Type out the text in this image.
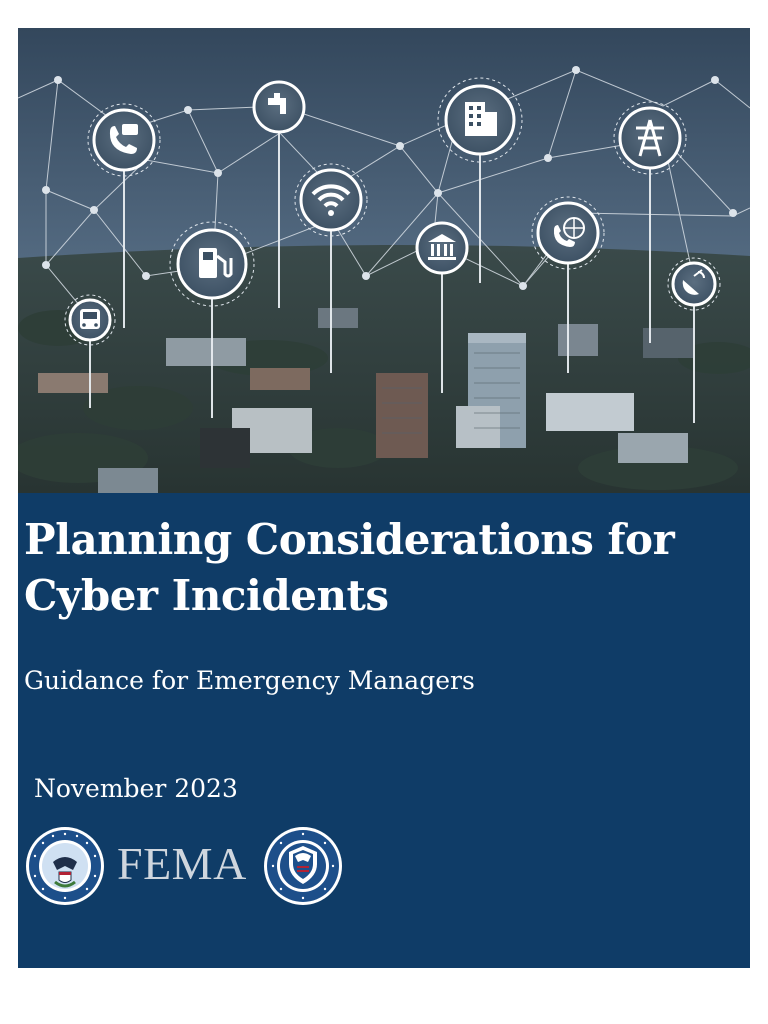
Planning Considerations for Cyber Incidents

Guidance for Emergency Managers

November 2023

FEMA
